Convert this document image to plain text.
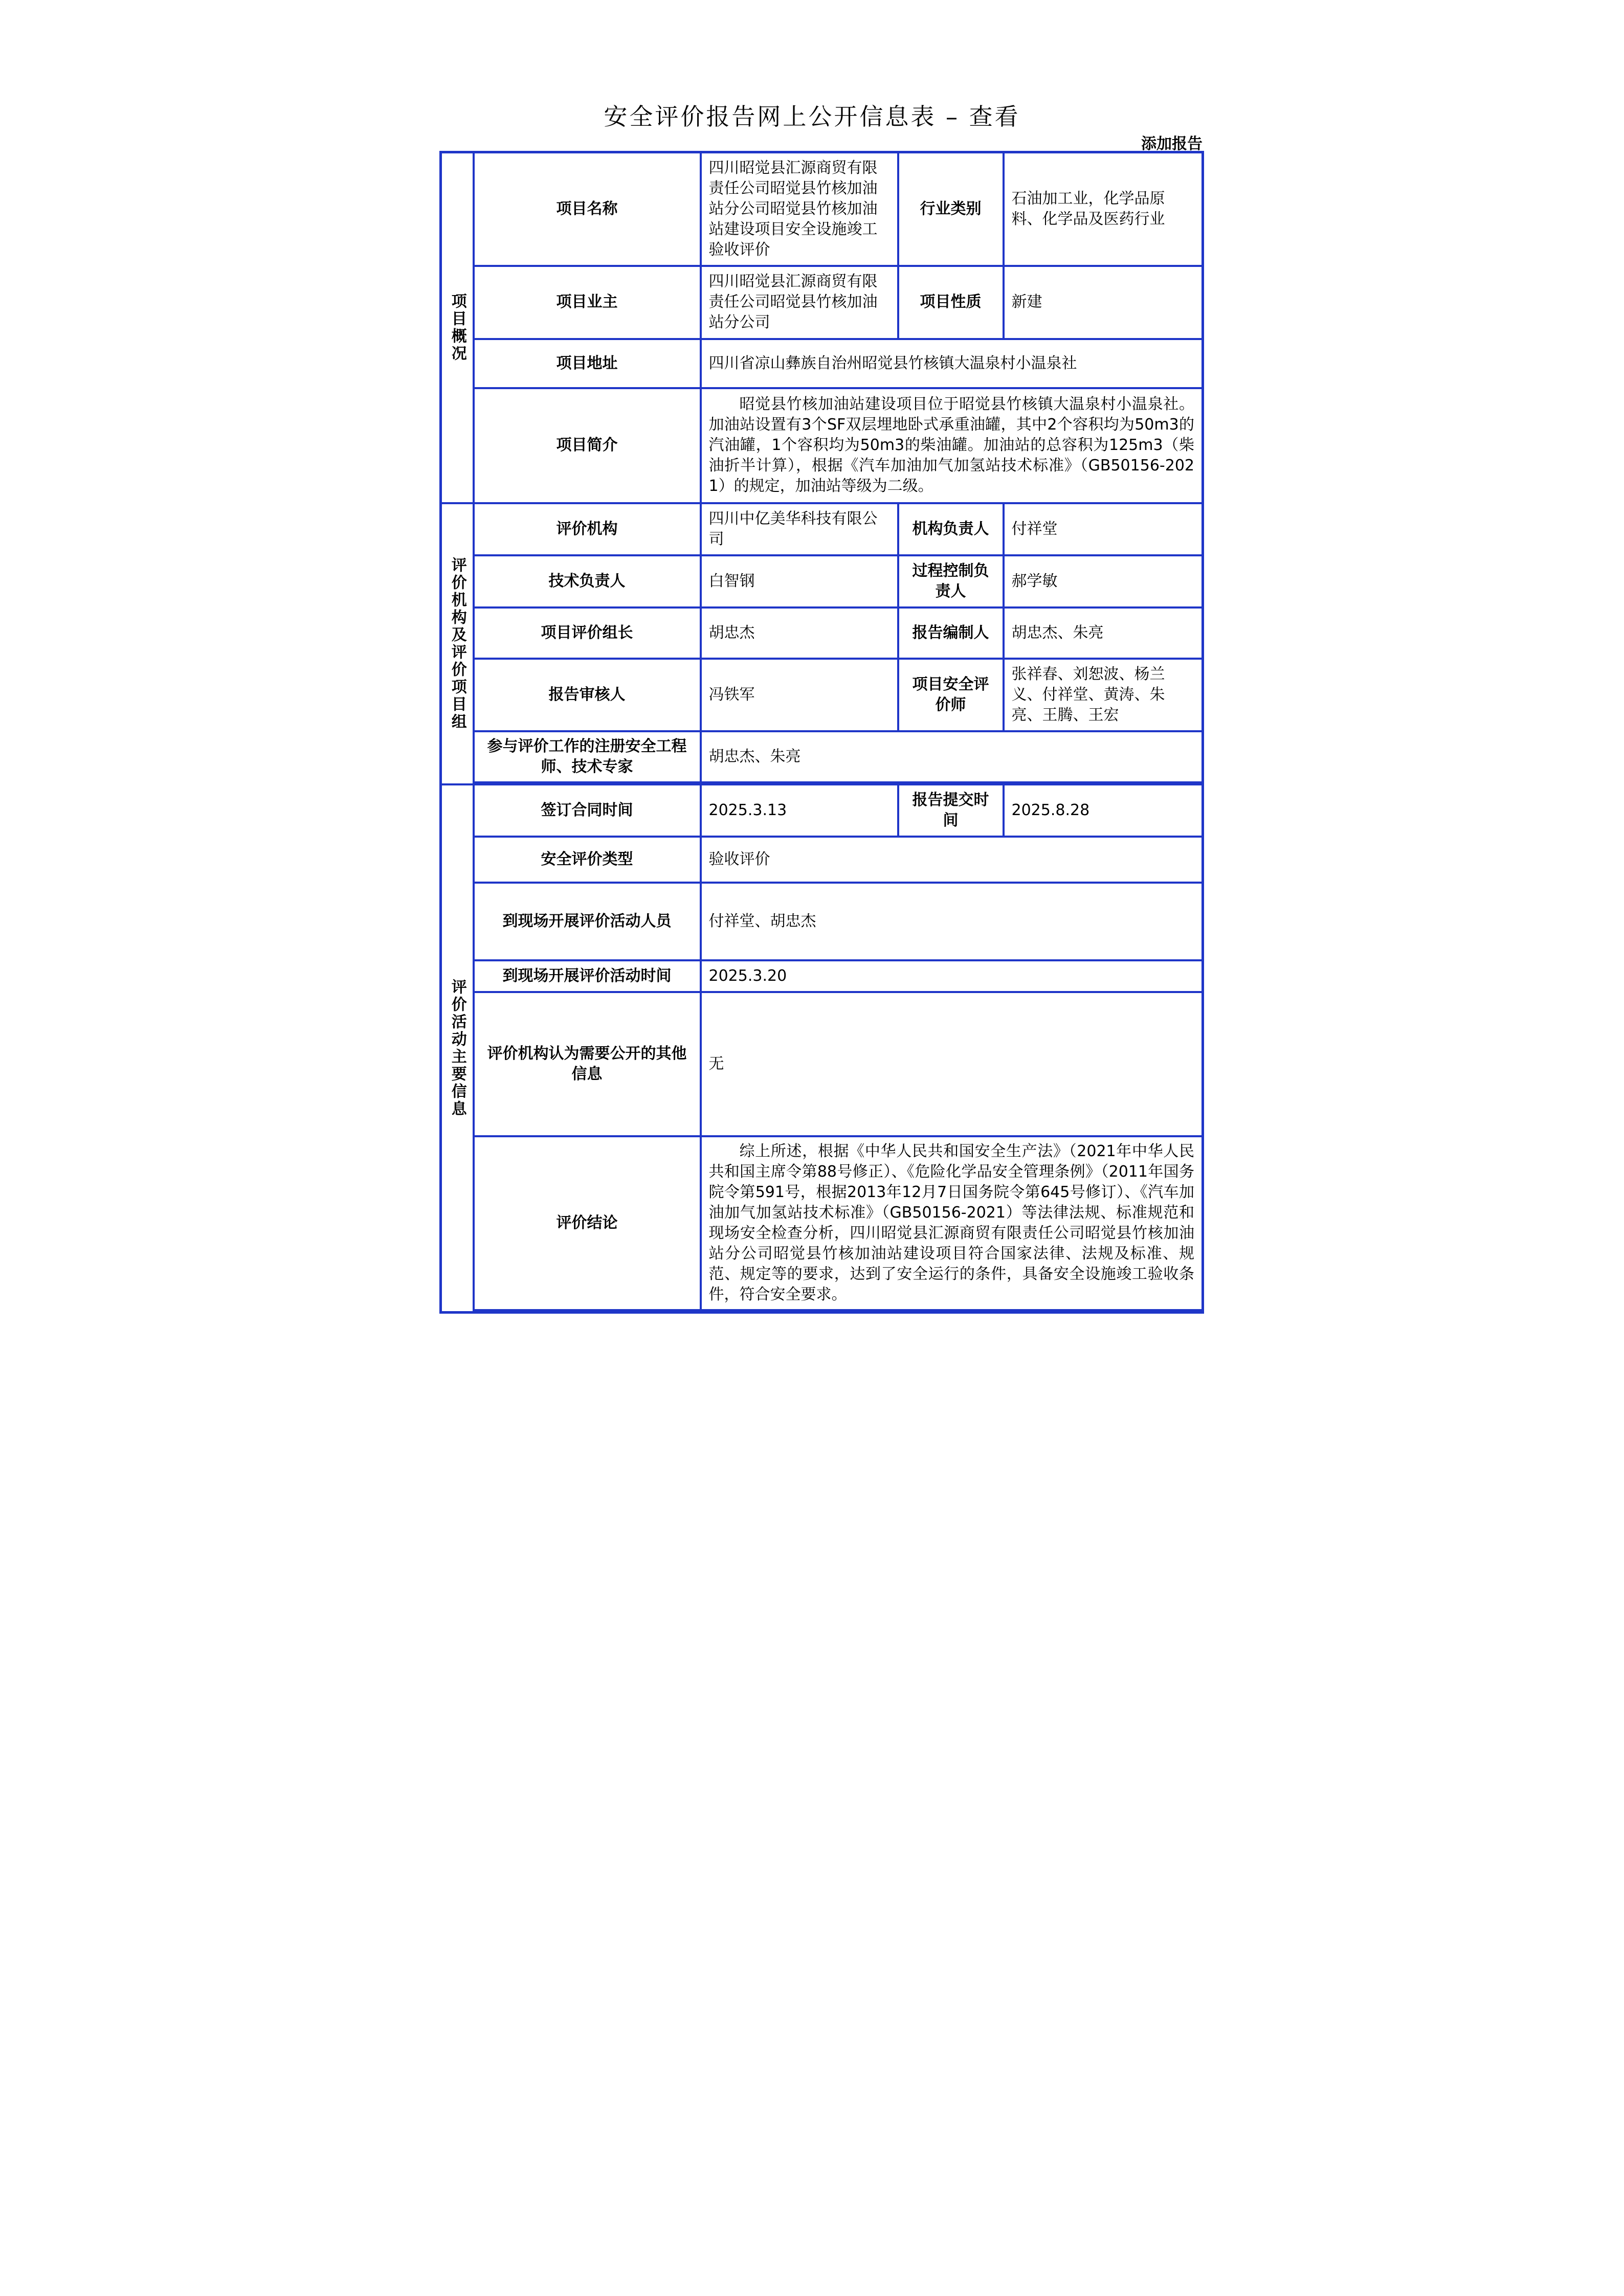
安全评价报告网上公开信息表 – 查看
添加报告
项目概况	项目名称	四川昭觉县汇源商贸有限责任公司昭觉县竹核加油站分公司昭觉县竹核加油站建设项目安全设施竣工验收评价	行业类别	石油加工业，化学品原料、化学品及医药行业
	项目业主	四川昭觉县汇源商贸有限责任公司昭觉县竹核加油站分公司	项目性质	新建
	项目地址	四川省凉山彝族自治州昭觉县竹核镇大温泉村小温泉社		
	项目简介	昭觉县竹核加油站建设项目位于昭觉县竹核镇大温泉村小温泉社。加油站设置有3个SF双层埋地卧式承重油罐，其中2个容积均为50m3的汽油罐，1个容积均为50m3的柴油罐。加油站的总容积为125m3（柴油折半计算），根据《汽车加油加气加氢站技术标准》（GB50156-2021）的规定，加油站等级为二级。		
评价机构及评价项目组	评价机构	四川中亿美华科技有限公司	机构负责人	付祥堂
	技术负责人	白智钢	过程控制负责人	郝学敏
	项目评价组长	胡忠杰	报告编制人	胡忠杰、朱亮
	报告审核人	冯铁军	项目安全评价师	张祥春、刘恕波、杨兰义、付祥堂、黄涛、朱亮、王腾、王宏
	参与评价工作的注册安全工程师、技术专家	胡忠杰、朱亮		

评价活动主要信息	签订合同时间	2025.3.13	报告提交时间	2025.8.28
	安全评价类型	验收评价		
	到现场开展评价活动人员	付祥堂、胡忠杰		
	到现场开展评价活动时间	2025.3.20		
	评价机构认为需要公开的其他信息	无		
	评价结论	综上所述，根据《中华人民共和国安全生产法》（2021年中华人民共和国主席令第88号修正）、《危险化学品安全管理条例》（2011年国务院令第591号，根据2013年12月7日国务院令第645号修订）、《汽车加油加气加氢站技术标准》（GB50156-2021）等法律法规、标准规范和现场安全检查分析，四川昭觉县汇源商贸有限责任公司昭觉县竹核加油站分公司昭觉县竹核加油站建设项目符合国家法律、法规及标准、规范、规定等的要求，达到了安全运行的条件，具备安全设施竣工验收条件，符合安全要求。		
